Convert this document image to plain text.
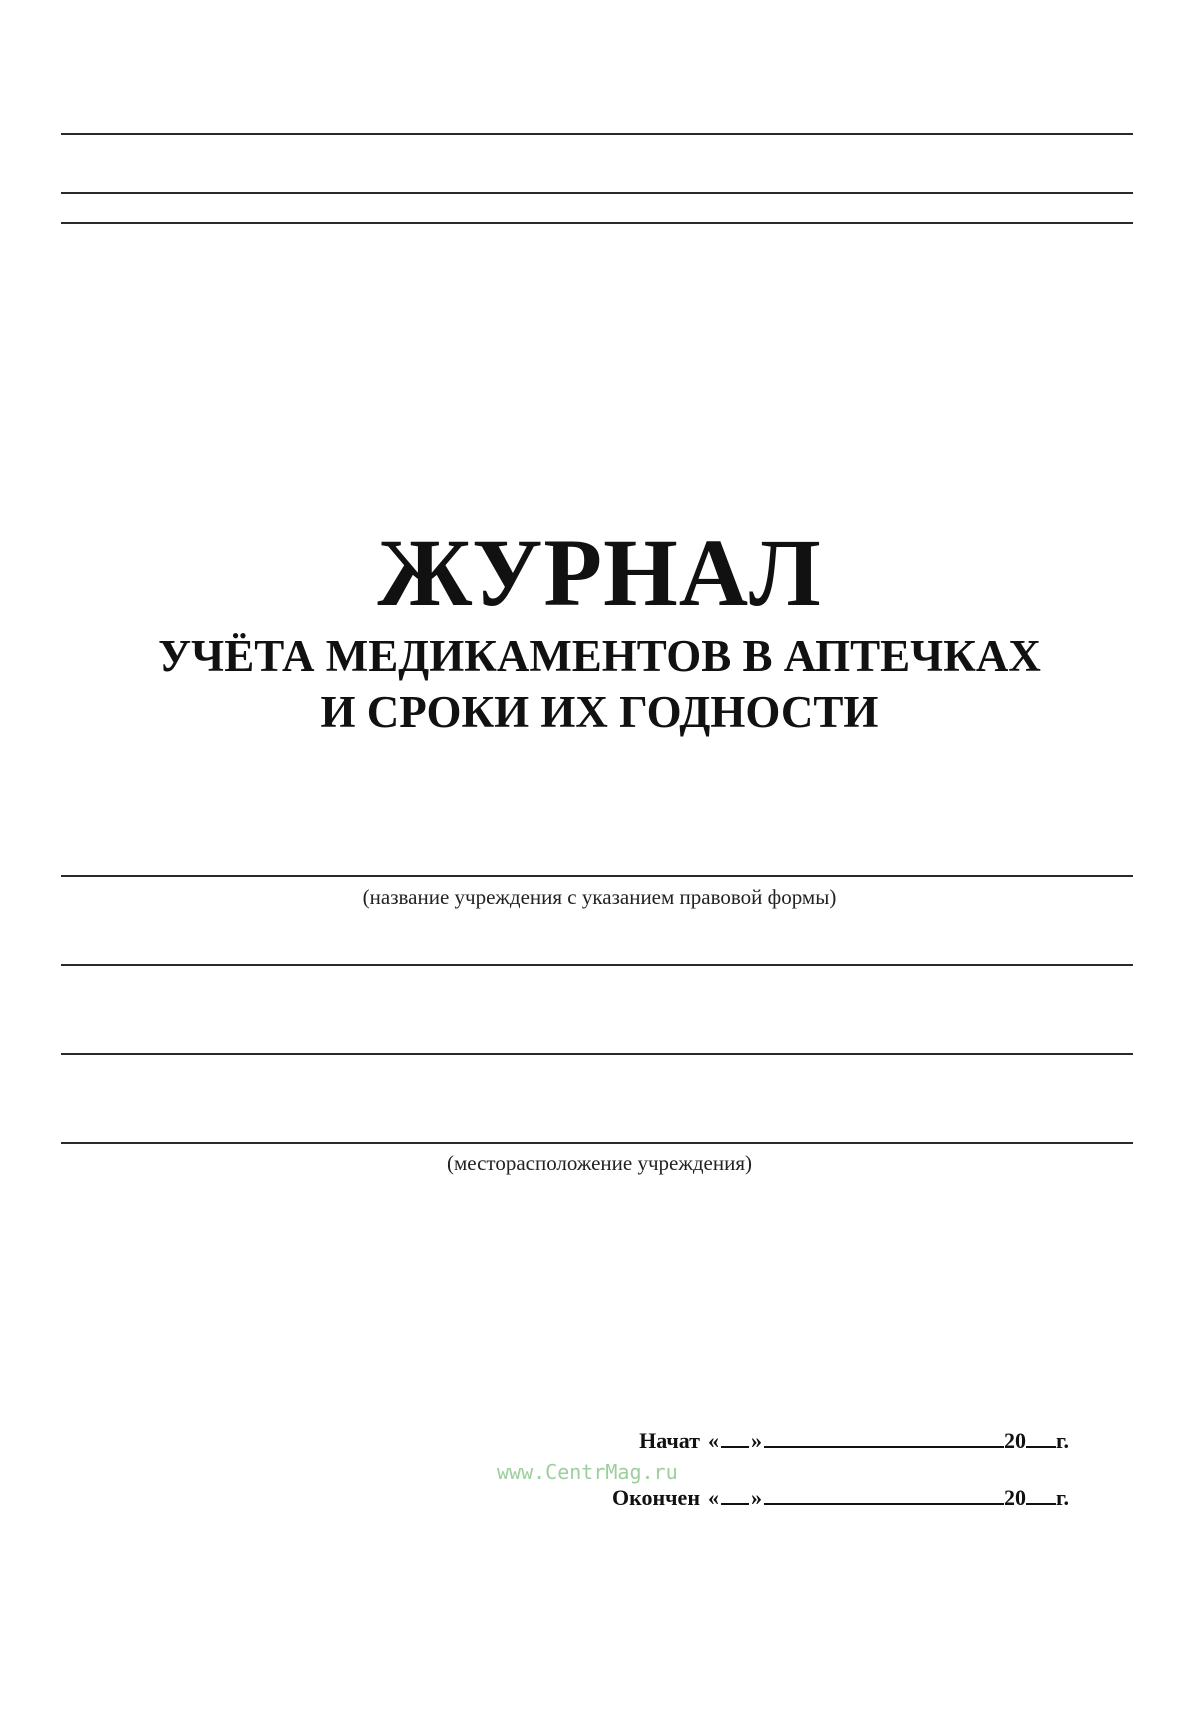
ЖУРНАЛ
УЧЁТА МЕДИКАМЕНТОВ В АПТЕЧКАХ
И СРОКИ ИХ ГОДНОСТИ
(название учреждения с указанием правовой формы)
(месторасположение учреждения)
Начат « »	20 г.
www.CentrMag.ru
Окончен « »	20 г.
